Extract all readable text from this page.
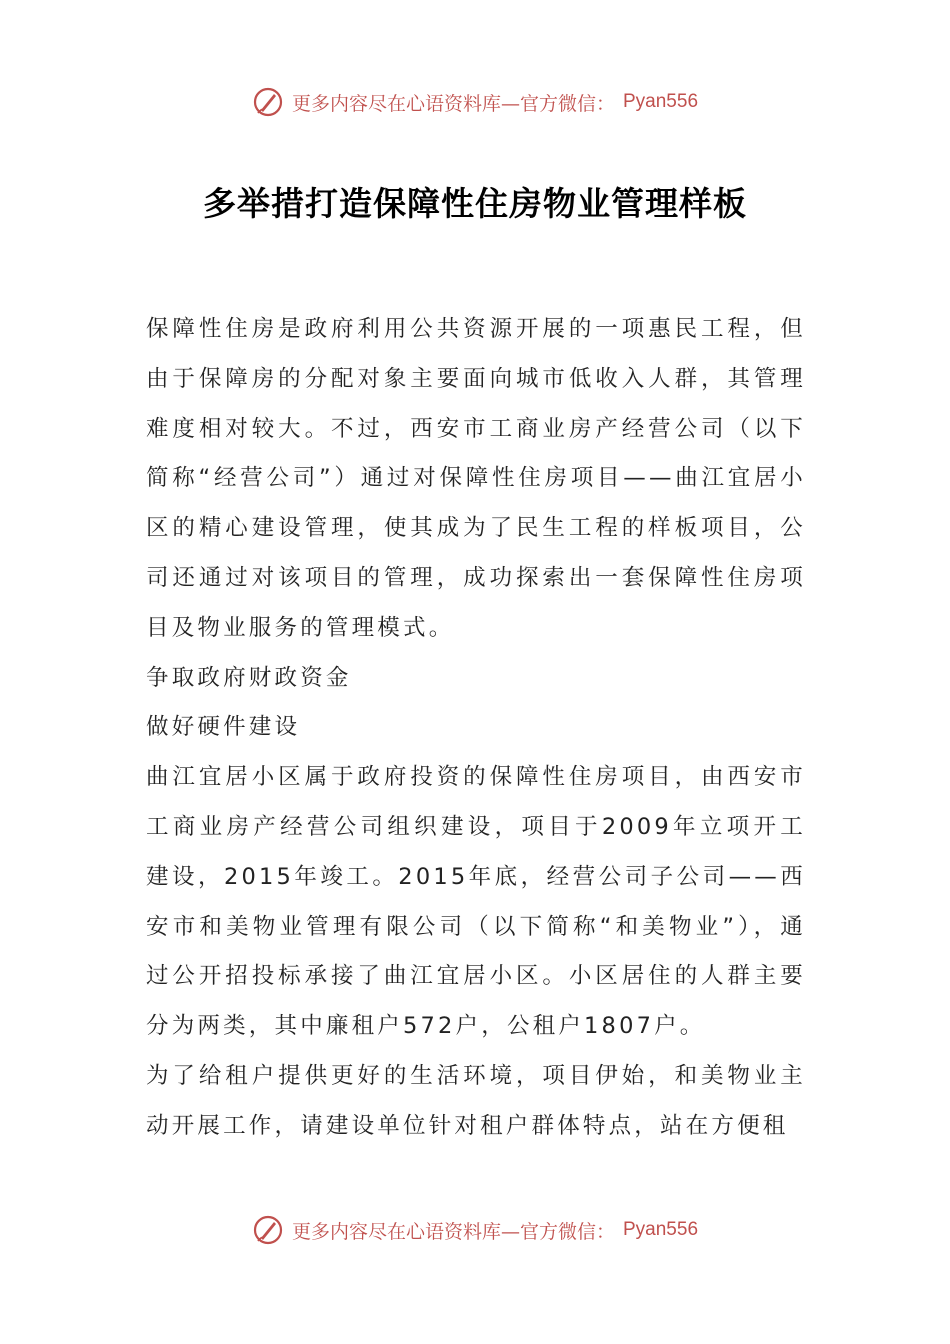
更多内容尽在心语资料库—官方微信： Pyan556
多举措打造保障性住房物业管理样板

保障性住房是政府利用公共资源开展的一项惠民工程，但由于保障房的分配对象主要面向城市低收入人群，其管理难度相对较大。不过，西安市工商业房产经营公司（以下简称“经营公司”）通过对保障性住房项目——曲江宜居小区的精心建设管理，使其成为了民生工程的样板项目，公司还通过对该项目的管理，成功探索出一套保障性住房项目及物业服务的管理模式。

争取政府财政资金

做好硬件建设

曲江宜居小区属于政府投资的保障性住房项目，由西安市工商业房产经营公司组织建设，项目于2009年立项开工建设，2015年竣工。2015年底，经营公司子公司——西安市和美物业管理有限公司（以下简称“和美物业”），通过公开招投标承接了曲江宜居小区。小区居住的人群主要分为两类，其中廉租户572户，公租户1807户。

为了给租户提供更好的生活环境，项目伊始，和美物业主动开展工作，请建设单位针对租户群体特点，站在方便租

更多内容尽在心语资料库—官方微信： Pyan556
